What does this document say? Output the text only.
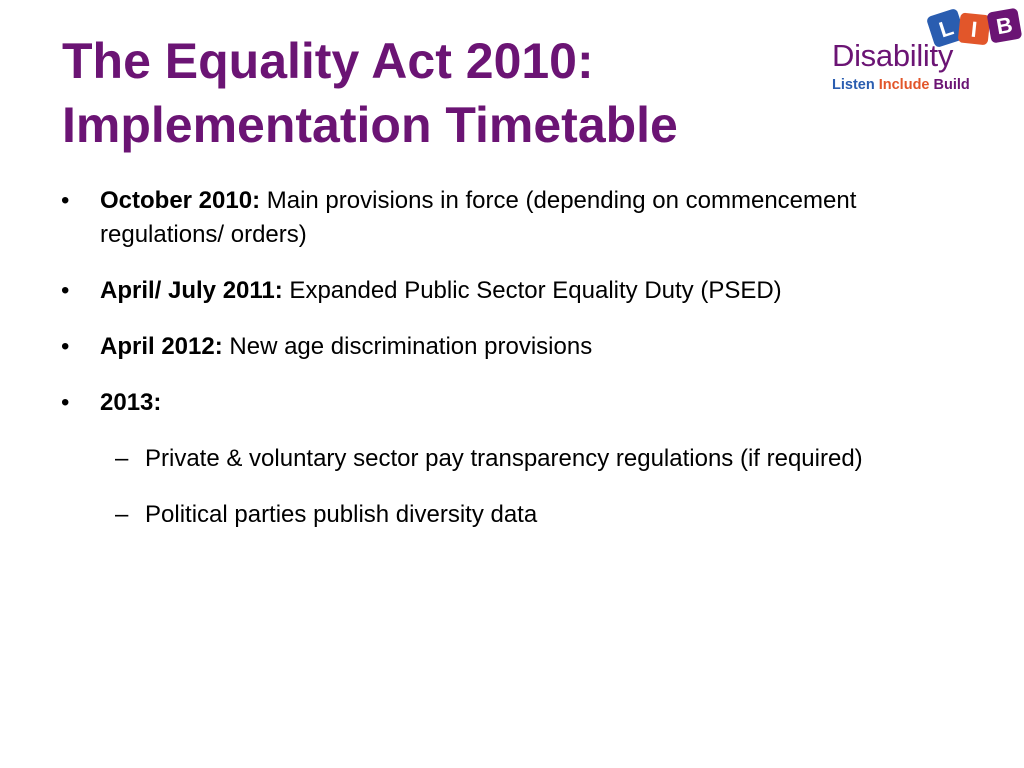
The Equality Act 2010:
Implementation Timetable
L I B
Disability
Listen Include Build
• October 2010: Main provisions in force (depending on commencement regulations/ orders)
• April/ July 2011: Expanded Public Sector Equality Duty (PSED)
• April 2012: New age discrimination provisions
• 2013:
– Private & voluntary sector pay transparency regulations (if required)
– Political parties publish diversity data
